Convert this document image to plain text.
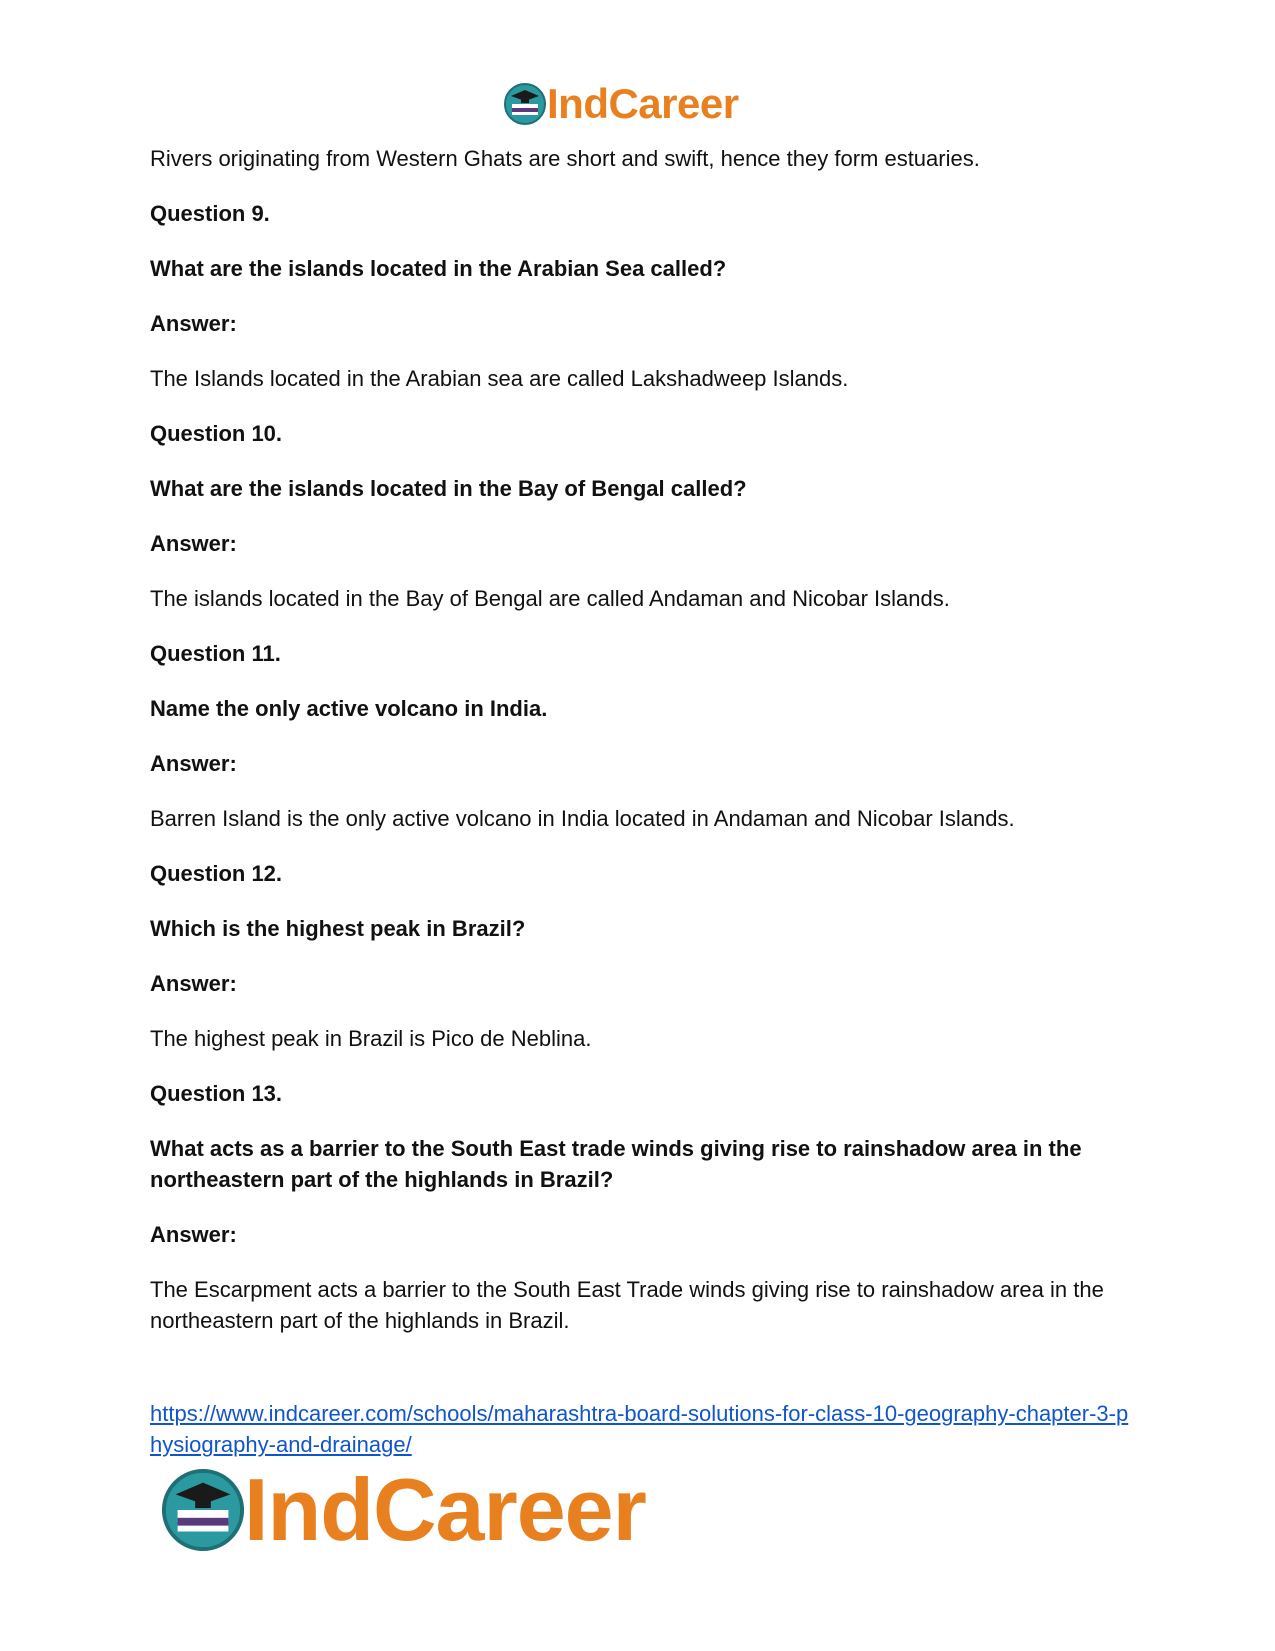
IndCareer

Rivers originating from Western Ghats are short and swift, hence they form estuaries.

Question 9.

What are the islands located in the Arabian Sea called?

Answer:

The Islands located in the Arabian sea are called Lakshadweep Islands.

Question 10.

What are the islands located in the Bay of Bengal called?

Answer:

The islands located in the Bay of Bengal are called Andaman and Nicobar Islands.

Question 11.

Name the only active volcano in India.

Answer:

Barren Island is the only active volcano in India located in Andaman and Nicobar Islands.

Question 12.

Which is the highest peak in Brazil?

Answer:

The highest peak in Brazil is Pico de Neblina.

Question 13.

What acts as a barrier to the South East trade winds giving rise to rainshadow area in the northeastern part of the highlands in Brazil?

Answer:

The Escarpment acts a barrier to the South East Trade winds giving rise to rainshadow area in the northeastern part of the highlands in Brazil.

https://www.indcareer.com/schools/maharashtra-board-solutions-for-class-10-geography-chapter-3-physiography-and-drainage/
IndCareer
